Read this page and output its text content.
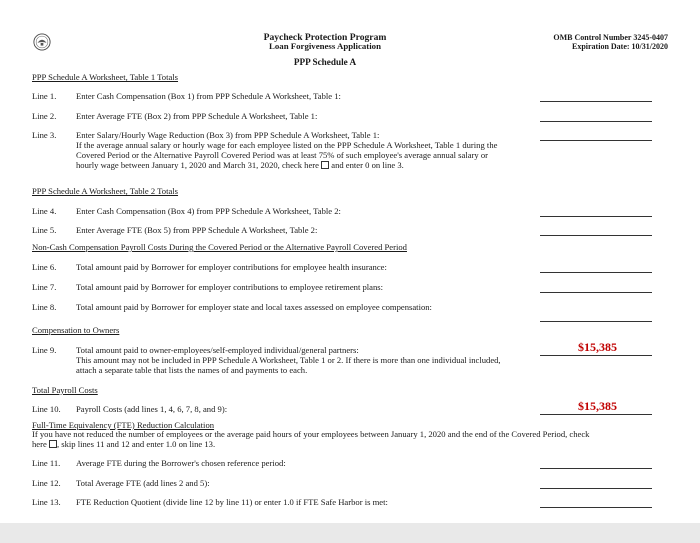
Paycheck Protection Program
Loan Forgiveness Application
PPP Schedule A
OMB Control Number 3245-0407
Expiration Date: 10/31/2020
PPP Schedule A Worksheet, Table 1 Totals
Line 1.	Enter Cash Compensation (Box 1) from PPP Schedule A Worksheet, Table 1:
Line 2.	Enter Average FTE (Box 2) from PPP Schedule A Worksheet, Table 1:
Line 3.	Enter Salary/Hourly Wage Reduction (Box 3) from PPP Schedule A Worksheet, Table 1:
If the average annual salary or hourly wage for each employee listed on the PPP Schedule A Worksheet, Table 1 during the Covered Period or the Alternative Payroll Covered Period was at least 75% of such employee's average annual salary or hourly wage between January 1, 2020 and March 31, 2020, check here and enter 0 on line 3.
PPP Schedule A Worksheet, Table 2 Totals
Line 4.	Enter Cash Compensation (Box 4) from PPP Schedule A Worksheet, Table 2:
Line 5.	Enter Average FTE (Box 5) from PPP Schedule A Worksheet, Table 2:
Non-Cash Compensation Payroll Costs During the Covered Period or the Alternative Payroll Covered Period
Line 6.	Total amount paid by Borrower for employer contributions for employee health insurance:
Line 7.	Total amount paid by Borrower for employer contributions to employee retirement plans:
Line 8.	Total amount paid by Borrower for employer state and local taxes assessed on employee compensation:
Compensation to Owners
Line 9.	Total amount paid to owner-employees/self-employed individual/general partners:
This amount may not be included in PPP Schedule A Worksheet, Table 1 or 2. If there is more than one individual included, attach a separate table that lists the names of and payments to each.
$15,385
Total Payroll Costs
Line 10.	Payroll Costs (add lines 1, 4, 6, 7, 8, and 9):	$15,385
Full-Time Equivalency (FTE) Reduction Calculation
If you have not reduced the number of employees or the average paid hours of your employees between January 1, 2020 and the end of the Covered Period, check here , skip lines 11 and 12 and enter 1.0 on line 13.
Line 11.	Average FTE during the Borrower's chosen reference period:
Line 12.	Total Average FTE (add lines 2 and 5):
Line 13.	FTE Reduction Quotient (divide line 12 by line 11) or enter 1.0 if FTE Safe Harbor is met:
